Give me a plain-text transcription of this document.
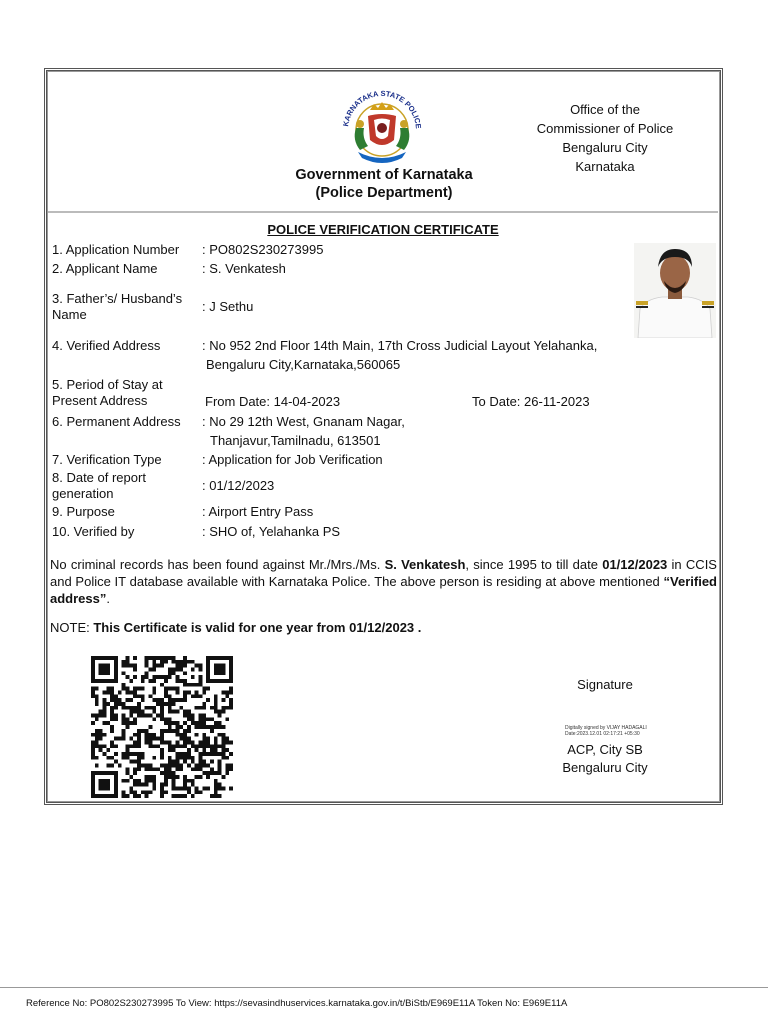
KARNATAKA STATE POLICE
Office of the
Commissioner of Police
Bengaluru City
Karnataka
Government of Karnataka
(Police Department)
POLICE VERIFICATION CERTIFICATE
1. Application Number	: PO802S230273995
2. Applicant Name	: S. Venkatesh
3. Father’s/ Husband’s Name
: J Sethu
4. Verified Address	: No 952 2nd Floor 14th Main, 17th Cross Judicial Layout Yelahanka,
Bengaluru City,Karnataka,560065
5. Period of Stay at Present Address	From Date: 14-04-2023	To Date: 26-11-2023
6. Permanent Address	: No 29 12th West, Gnanam Nagar,
Thanjavur,Tamilnadu, 613501
7. Verification Type	: Application for Job Verification
8. Date of report generation
: 01/12/2023
9. Purpose	: Airport Entry Pass
10. Verified by	: SHO of, Yelahanka PS
No criminal records has been found against Mr./Mrs./Ms. S. Venkatesh, since 1995 to till date 01/12/2023 in CCIS and Police IT database available with Karnataka Police. The above person is residing at above mentioned “Verified address”.
NOTE: This Certificate is valid for one year from 01/12/2023 .
Signature
Digitally signed by VIJAY HADAGALI
Date:2023.12.01 02:17:21 +05:30
ACP, City SB
Bengaluru City
Reference No: PO802S230273995 To View: https://sevasindhuservices.karnataka.gov.in/t/BiStb/E969E11A Token No: E969E11A
